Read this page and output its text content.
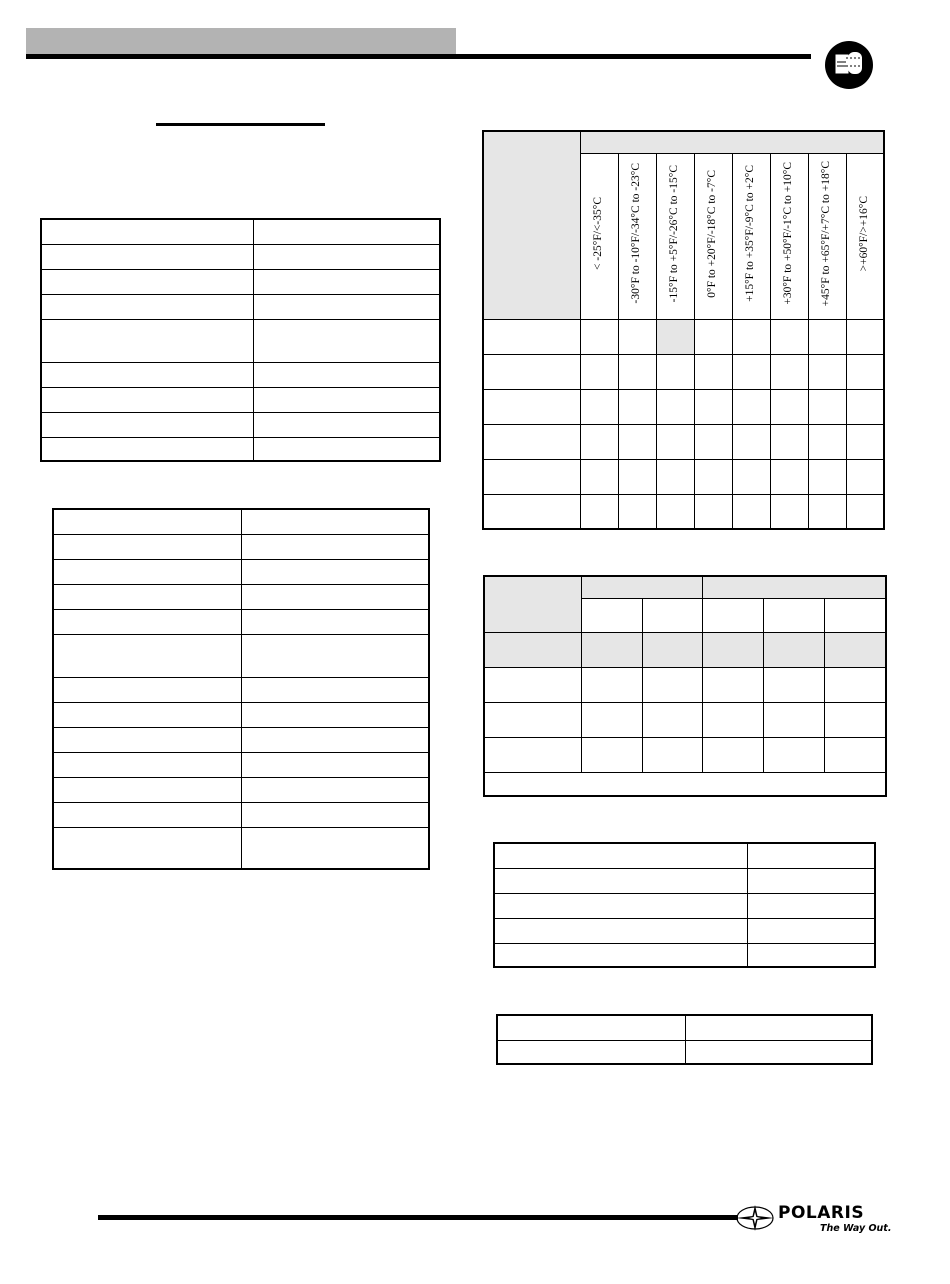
	< -25°F/<-35°C	-30°F to -10°F/-34°C to -23°C	-15°F to +5°F/-26°C to -15°C	0°F to +20°F/-18°C to -7°C	+15°F to +35°F/-9°C to +2°C	+30°F to +50°F/-1°C to +10°C	+45°F to +65°F/+7°C to +18°C	>+60°F/>+16°C

POLARIS
The Way Out.
